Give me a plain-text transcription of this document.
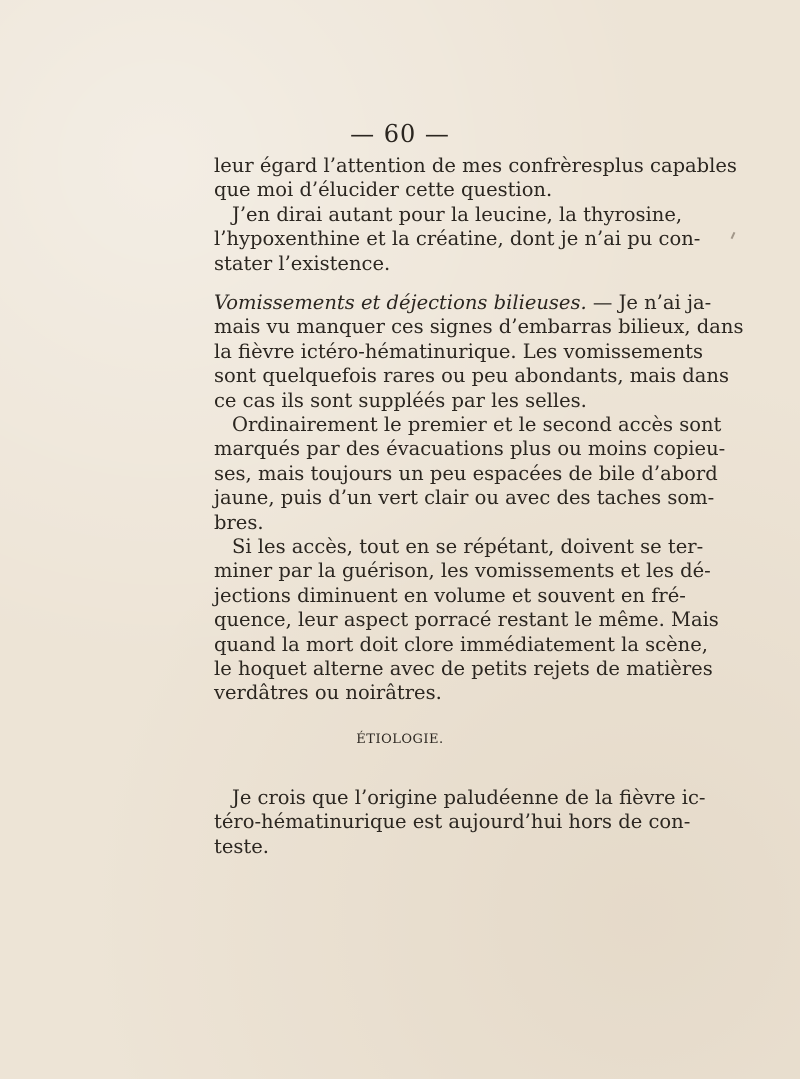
— 60 —
leur égard l’attention de mes confrèresplus capables
que moi d’élucider cette question.
J’en dirai autant pour la leucine, la thyrosine,
l’hypoxenthine et la créatine, dont je n’ai pu con-
stater l’existence.
Vomissements et déjections bilieuses. — Je n’ai ja-
mais vu manquer ces signes d’embarras bilieux, dans
la fièvre ictéro-hématinurique. Les vomissements
sont quelquefois rares ou peu abondants, mais dans
ce cas ils sont suppléés par les selles.
Ordinairement le premier et le second accès sont
marqués par des évacuations plus ou moins copieu-
ses, mais toujours un peu espacées de bile d’abord
jaune, puis d’un vert clair ou avec des taches som-
bres.
Si les accès, tout en se répétant, doivent se ter-
miner par la guérison, les vomissements et les dé-
jections diminuent en volume et souvent en fré-
quence, leur aspect porracé restant le même. Mais
quand la mort doit clore immédiatement la scène,
le hoquet alterne avec de petits rejets de matières
verdâtres ou noirâtres.
ÉTIOLOGIE.
Je crois que l’origine paludéenne de la fièvre ic-
téro-hématinurique est aujourd’hui hors de con-
teste.
